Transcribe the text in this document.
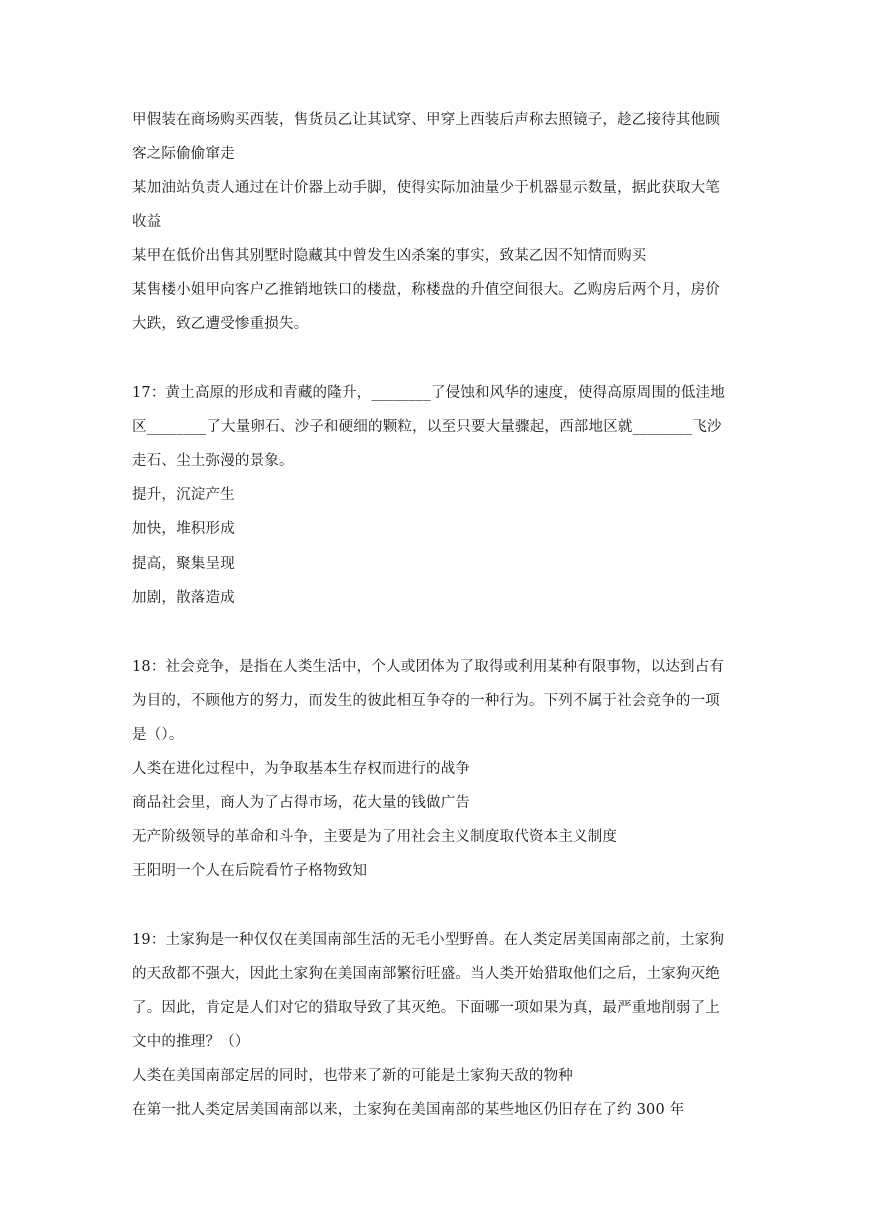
甲假装在商场购买西装，售货员乙让其试穿、甲穿上西装后声称去照镜子，趁乙接待其他顾
客之际偷偷窜走
某加油站负责人通过在计价器上动手脚，使得实际加油量少于机器显示数量，据此获取大笔
收益
某甲在低价出售其别墅时隐藏其中曾发生凶杀案的事实，致某乙因不知情而购买
某售楼小姐甲向客户乙推销地铁口的楼盘，称楼盘的升值空间很大。乙购房后两个月，房价
大跌，致乙遭受惨重损失。
17：黄土高原的形成和青藏的隆升，________了侵蚀和风华的速度，使得高原周围的低洼地
区________了大量卵石、沙子和硬细的颗粒，以至只要大量骤起，西部地区就________飞沙
走石、尘土弥漫的景象。
提升，沉淀产生
加快，堆积形成
提高，聚集呈现
加剧，散落造成
18：社会竞争，是指在人类生活中，个人或团体为了取得或利用某种有限事物，以达到占有
为目的，不顾他方的努力，而发生的彼此相互争夺的一种行为。下列不属于社会竞争的一项
是（）。
人类在进化过程中，为争取基本生存权而进行的战争
商品社会里，商人为了占得市场，花大量的钱做广告
无产阶级领导的革命和斗争，主要是为了用社会主义制度取代资本主义制度
王阳明一个人在后院看竹子格物致知
19：土家狗是一种仅仅在美国南部生活的无毛小型野兽。在人类定居美国南部之前，土家狗
的天敌都不强大，因此土家狗在美国南部繁衍旺盛。当人类开始猎取他们之后，土家狗灭绝
了。因此，肯定是人们对它的猎取导致了其灭绝。下面哪一项如果为真，最严重地削弱了上
文中的推理？（）
人类在美国南部定居的同时，也带来了新的可能是土家狗天敌的物种
在第一批人类定居美国南部以来，土家狗在美国南部的某些地区仍旧存在了约 300 年
